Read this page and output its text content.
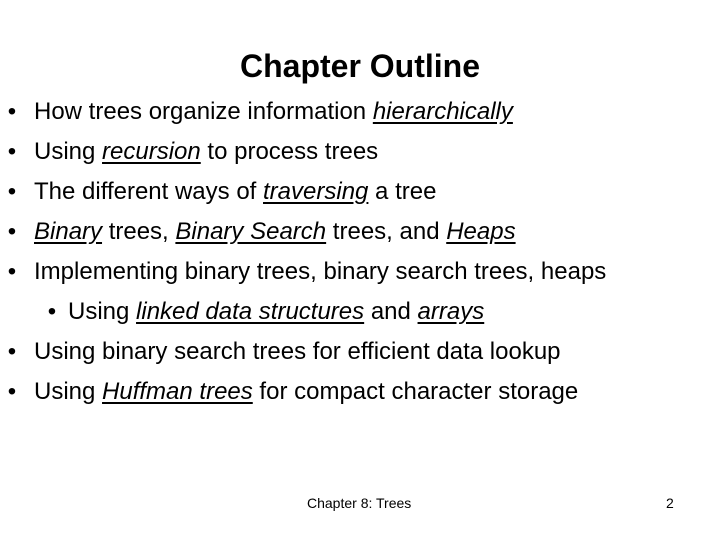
Chapter Outline
• How trees organize information hierarchically
• Using recursion to process trees
• The different ways of traversing a tree
• Binary trees, Binary Search trees, and Heaps
• Implementing binary trees, binary search trees, heaps
• Using linked data structures and arrays
• Using binary search trees for efficient data lookup
• Using Huffman trees for compact character storage
Chapter 8: Trees	2
